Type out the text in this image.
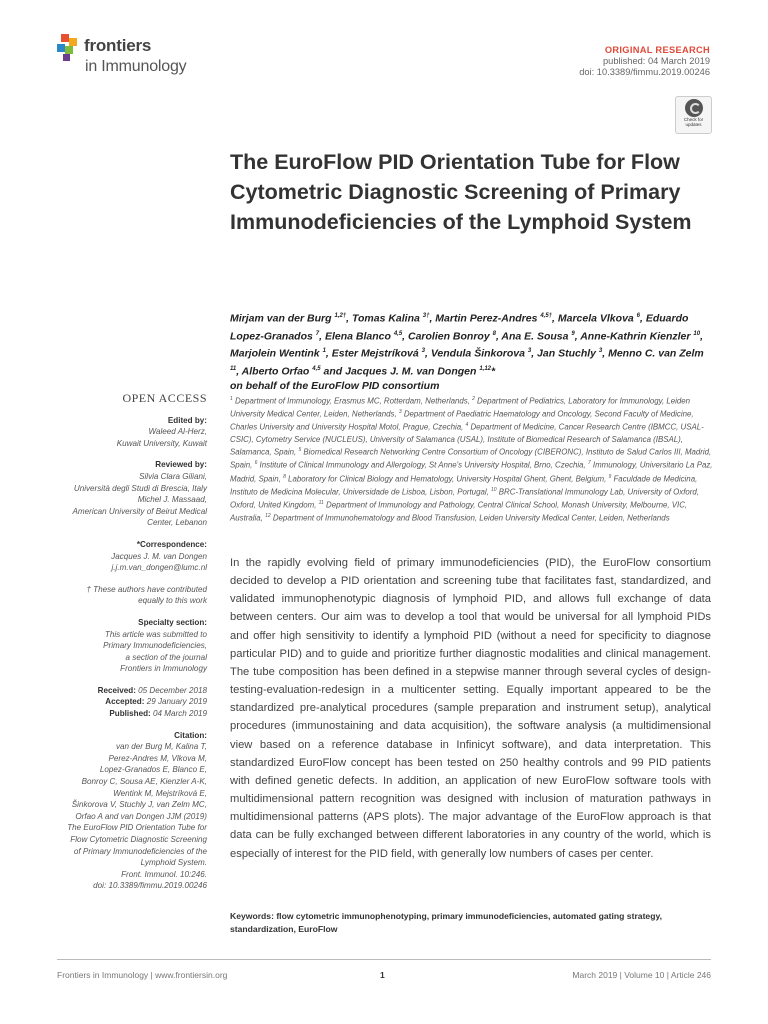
frontiers
in Immunology
ORIGINAL RESEARCH
published: 04 March 2019
doi: 10.3389/fimmu.2019.00246
Check for updates
The EuroFlow PID Orientation Tube for Flow Cytometric Diagnostic Screening of Primary Immunodeficiencies of the Lymphoid System
Mirjam van der Burg $^{1,2\dagger}$, Tomas Kalina $^{3\dagger}$, Martin Perez-Andres $^{4,5\dagger}$, Marcela Vlkova $^6$, Eduardo Lopez-Granados $^7$, Elena Blanco $^{4,5}$, Carolien Bonroy $^8$, Ana E. Sousa $^9$, Anne-Kathrin Kienzler $^{10}$, Marjolein Wentink $^1$, Ester Mejstríková $^3$, Vendula Šinkorova $^3$, Jan Stuchly $^3$, Menno C. van Zelm $^{11}$, Alberto Orfao $^{4,5}$ and Jacques J. M. van Dongen $^{1,12}$*
on behalf of the EuroFlow PID consortium
$^1$ Department of Immunology, Erasmus MC, Rotterdam, Netherlands, $^2$ Department of Pediatrics, Laboratory for Immunology, Leiden University Medical Center, Leiden, Netherlands, $^3$ Department of Paediatric Haematology and Oncology, Second Faculty of Medicine, Charles University and University Hospital Motol, Prague, Czechia, $^4$ Department of Medicine, Cancer Research Centre (IBMCC, USAL-CSIC), Cytometry Service (NUCLEUS), University of Salamanca (USAL), Institute of Biomedical Research of Salamanca (IBSAL), Salamanca, Spain, $^5$ Biomedical Research Networking Centre Consortium of Oncology (CIBERONC), Instituto de Salud Carlos III, Madrid, Spain, $^6$ Institute of Clinical Immunology and Allergology, St Anne's University Hospital, Brno, Czechia, $^7$ Immunology, Universitario La Paz, Madrid, Spain, $^8$ Laboratory for Clinical Biology and Hematology, University Hospital Ghent, Ghent, Belgium, $^9$ Faculdade de Medicina, Instituto de Medicina Molecular, Universidade de Lisboa, Lisbon, Portugal, $^{10}$ BRC-Translational Immunology Lab, University of Oxford, Oxford, United Kingdom, $^{11}$ Department of Immunology and Pathology, Central Clinical School, Monash University, Melbourne, VIC, Australia, $^{12}$ Department of Immunohematology and Blood Transfusion, Leiden University Medical Center, Leiden, Netherlands
In the rapidly evolving field of primary immunodeficiencies (PID), the EuroFlow consortium decided to develop a PID orientation and screening tube that facilitates fast, standardized, and validated immunophenotypic diagnosis of lymphoid PID, and allows full exchange of data between centers. Our aim was to develop a tool that would be universal for all lymphoid PIDs and offer high sensitivity to identify a lymphoid PID (without a need for specificity to diagnose particular PID) and to guide and prioritize further diagnostic modalities and clinical management. The tube composition has been defined in a stepwise manner through several cycles of design-testing-evaluation-redesign in a multicenter setting. Equally important appeared to be the standardized pre-analytical procedures (sample preparation and instrument setup), analytical procedures (immunostaining and data acquisition), the software analysis (a multidimensional view based on a reference database in Infinicyt software), and data interpretation. This standardized EuroFlow concept has been tested on 250 healthy controls and 99 PID patients with defined genetic defects. In addition, an application of new EuroFlow software tools with multidimensional pattern recognition was designed with inclusion of maturation pathways in multidimensional patterns (APS plots). The major advantage of the EuroFlow approach is that data can be fully exchanged between different laboratories in any country of the world, which is especially of interest for the PID field, with generally low numbers of cases per center.
Keywords: flow cytometric immunophenotyping, primary immunodeficiencies, automated gating strategy, standardization, EuroFlow
OPEN ACCESS
Edited by:
Waleed Al-Herz,
Kuwait University, Kuwait
Reviewed by:
Silvia Clara Giliani,
Università degli Studi di Brescia, Italy
Michel J. Massaad,
American University of Beirut Medical
Center, Lebanon
*Correspondence:
Jacques J. M. van Dongen
j.j.m.van_dongen@lumc.nl
† These authors have contributed
equally to this work
Specialty section:
This article was submitted to
Primary Immunodeficiencies,
a section of the journal
Frontiers in Immunology
Received: 05 December 2018
Accepted: 29 January 2019
Published: 04 March 2019
Citation:
van der Burg M, Kalina T,
Perez-Andres M, Vlkova M,
Lopez-Granados E, Blanco E,
Bonroy C, Sousa AE, Kienzler A-K,
Wentink M, Mejstríková E,
Šinkorova V, Stuchly J, van Zelm MC,
Orfao A and van Dongen JJM (2019)
The EuroFlow PID Orientation Tube for
Flow Cytometric Diagnostic Screening
of Primary Immunodeficiencies of the
Lymphoid System.
Front. Immunol. 10:246.
doi: 10.3389/fimmu.2019.00246
Frontiers in Immunology | www.frontiersin.org	1	March 2019 | Volume 10 | Article 246
